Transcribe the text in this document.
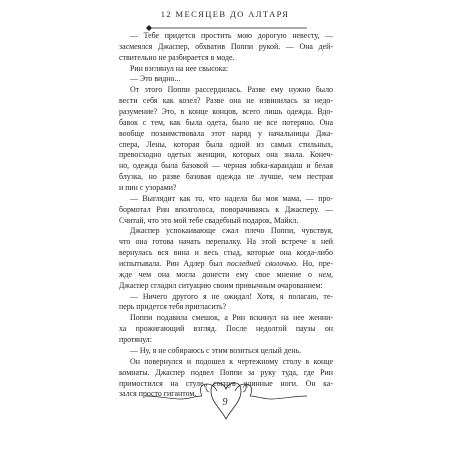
12 МЕСЯЦЕВ ДО АЛТАРЯ
— Тебе придется простить мою дорогую невесту, —
засмеялся Джаспер, обхватив Поппи рукой. — Она дей-
ствительно не разбирается в моде.
Рин взглянул на нее свысока:
— Это видно...
От этого Поппи рассердилась. Разве ему нужно было
вести себя как козел? Разве она не извинилась за недо-
разумение? Это, в конце концов, всего лишь одежда. Вдо-
бавок с тем, как была одета, было не все потеряно. Она
вообще позаимствовала этот наряд у начальницы Джа-
спера, Лены, которая была одной из самых стильных,
превосходно одетых женщин, которых она знала. Конеч-
но, одежда была базовой — черная юбка-карандаш и белая
блузка, но разве базовая одежда не лучше, чем пестрая
и пин с узорами?
— Выглядит как то, что надела бы моя мама, — про-
бормотал Рин вполголоса, поворачиваясь к Джасперу. —
Считай, что это мой тебе свадебный подарок, Майкл.
Джаспер успокаивающе сжал плечо Поппи, чувствуя,
что она готова начать перепалку. На этой встрече к ней
вернулась вся вина и весь стыд, которые она когда-либо
испытывала. Рин Адлер был последней сволочью. Но, пре-
жде чем она могла донести ему свое мнение о нем,
Джаспер сгладил ситуацию своим привычным очарованием:
— Ничего другого я не ожидал! Хотя, я полагаю, те-
перь придется тебя пригласить?
Поппи подавила смешок, а Рин вскинул на нее женни-
ха прожигающий взгляд. После недолгой паузы он
протянул:
— Ну, я не собираюсь с этим возиться целый день.
Он повернулся и подошел к чертежному столу в конце
комнаты. Джаспер подвел Поппи за руку туда, где Рин
примостился на стуле, согнув длинные ноги. Он ка-
зался просто гигантом.
9
